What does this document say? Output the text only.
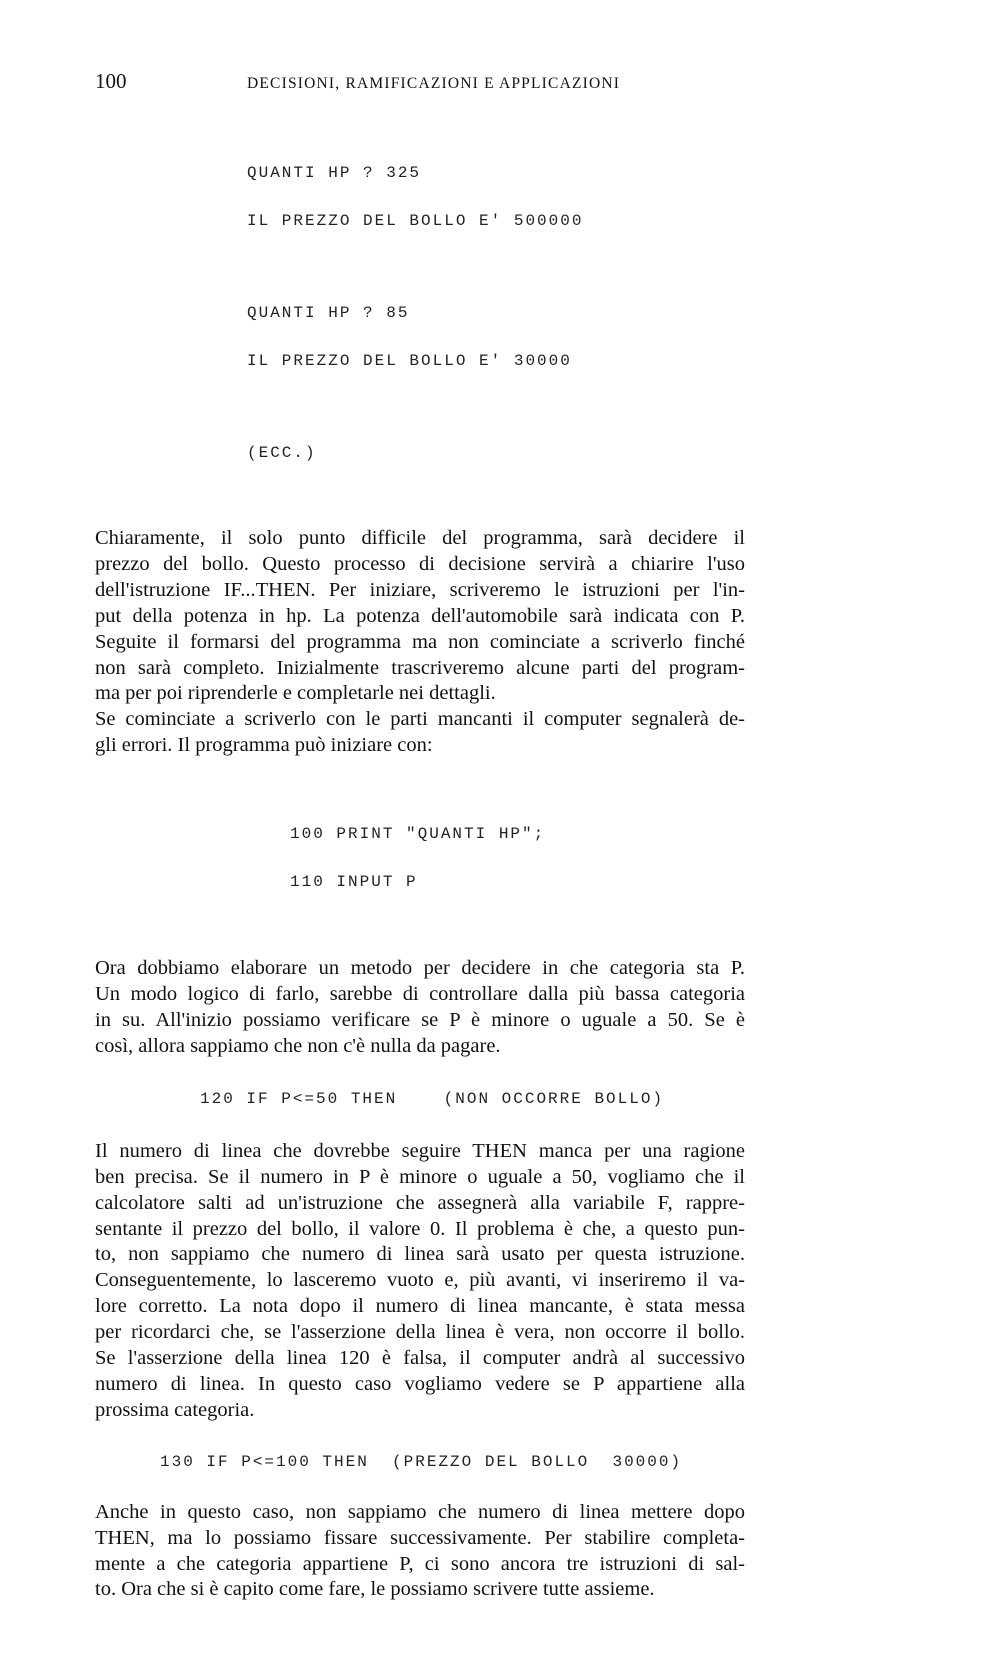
100	DECISIONI, RAMIFICAZIONI E APPLICAZIONI

QUANTI HP ? 325

IL PREZZO DEL BOLLO E' 500000

QUANTI HP ? 85

IL PREZZO DEL BOLLO E' 30000

(ECC.)

Chiaramente, il solo punto difficile del programma, sarà decidere il
prezzo del bollo. Questo processo di decisione servirà a chiarire l'uso
dell'istruzione IF...THEN. Per iniziare, scriveremo le istruzioni per l'in-
put della potenza in hp. La potenza dell'automobile sarà indicata con P.
Seguite il formarsi del programma ma non cominciate a scriverlo finché
non sarà completo. Inizialmente trascriveremo alcune parti del program-
ma per poi riprenderle e completarle nei dettagli.
Se cominciate a scriverlo con le parti mancanti il computer segnalerà de-
gli errori. Il programma può iniziare con:

100 PRINT "QUANTI HP";

110 INPUT P

Ora dobbiamo elaborare un metodo per decidere in che categoria sta P.
Un modo logico di farlo, sarebbe di controllare dalla più bassa categoria
in su. All'inizio possiamo verificare se P è minore o uguale a 50. Se è
così, allora sappiamo che non c'è nulla da pagare.
120 IF P<=50 THEN    (NON OCCORRE BOLLO)
Il numero di linea che dovrebbe seguire THEN manca per una ragione
ben precisa. Se il numero in P è minore o uguale a 50, vogliamo che il
calcolatore salti ad un'istruzione che assegnerà alla variabile F, rappre-
sentante il prezzo del bollo, il valore 0. Il problema è che, a questo pun-
to, non sappiamo che numero di linea sarà usato per questa istruzione.
Conseguentemente, lo lasceremo vuoto e, più avanti, vi inseriremo il va-
lore corretto. La nota dopo il numero di linea mancante, è stata messa
per ricordarci che, se l'asserzione della linea è vera, non occorre il bollo.
Se l'asserzione della linea 120 è falsa, il computer andrà al successivo
numero di linea. In questo caso vogliamo vedere se P appartiene alla
prossima categoria.
130 IF P<=100 THEN  (PREZZO DEL BOLLO  30000)
Anche in questo caso, non sappiamo che numero di linea mettere dopo
THEN, ma lo possiamo fissare successivamente. Per stabilire completa-
mente a che categoria appartiene P, ci sono ancora tre istruzioni di sal-
to. Ora che si è capito come fare, le possiamo scrivere tutte assieme.
